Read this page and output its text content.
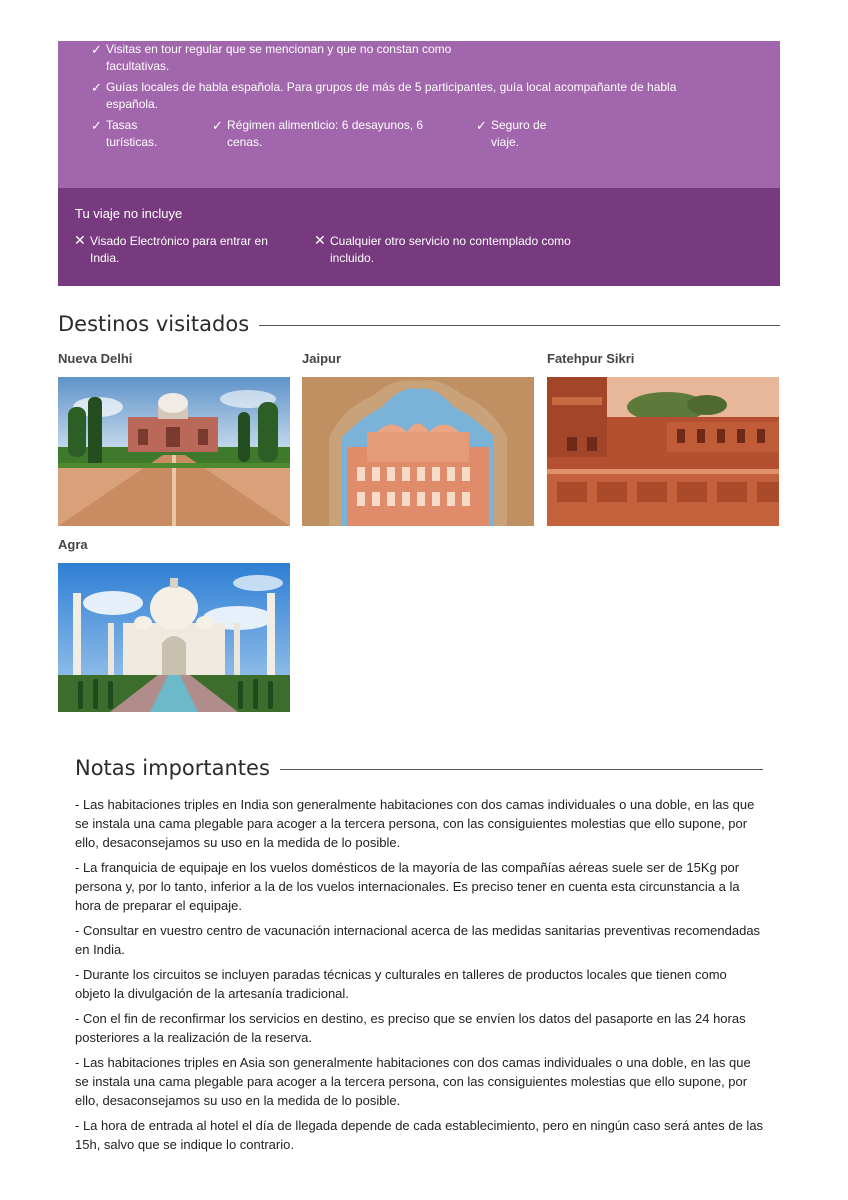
✓ Visitas en tour regular que se mencionan y que no constan como facultativas.
✓ Guías locales de habla española. Para grupos de más de 5 participantes, guía local acompañante de habla española.
✓ Tasas turísticas.
✓ Régimen alimenticio: 6 desayunos, 6 cenas.
✓ Seguro de viaje.
Tu viaje no incluye
✕ Visado Electrónico para entrar en India.
✕ Cualquier otro servicio no contemplado como incluido.
Destinos visitados
Nueva Delhi	Jaipur	Fatehpur Sikri
Agra
Notas importantes

- Las habitaciones triples en India son generalmente habitaciones con dos camas individuales o una doble, en las que se instala una cama plegable para acoger a la tercera persona, con las consiguientes molestias que ello supone, por ello, desaconsejamos su uso en la medida de lo posible.

- La franquicia de equipaje en los vuelos domésticos de la mayoría de las compañías aéreas suele ser de 15Kg por persona y, por lo tanto, inferior a la de los vuelos internacionales. Es preciso tener en cuenta esta circunstancia a la hora de preparar el equipaje.

- Consultar en vuestro centro de vacunación internacional acerca de las medidas sanitarias preventivas recomendadas en India.

- Durante los circuitos se incluyen paradas técnicas y culturales en talleres de productos locales que tienen como objeto la divulgación de la artesanía tradicional.

- Con el fin de reconfirmar los servicios en destino, es preciso que se envíen los datos del pasaporte en las 24 horas posteriores a la realización de la reserva.

- Las habitaciones triples en Asia son generalmente habitaciones con dos camas individuales o una doble, en las que se instala una cama plegable para acoger a la tercera persona, con las consiguientes molestias que ello supone, por ello, desaconsejamos su uso en la medida de lo posible.

- La hora de entrada al hotel el día de llegada depende de cada establecimiento, pero en ningún caso será antes de las 15h, salvo que se indique lo contrario.
